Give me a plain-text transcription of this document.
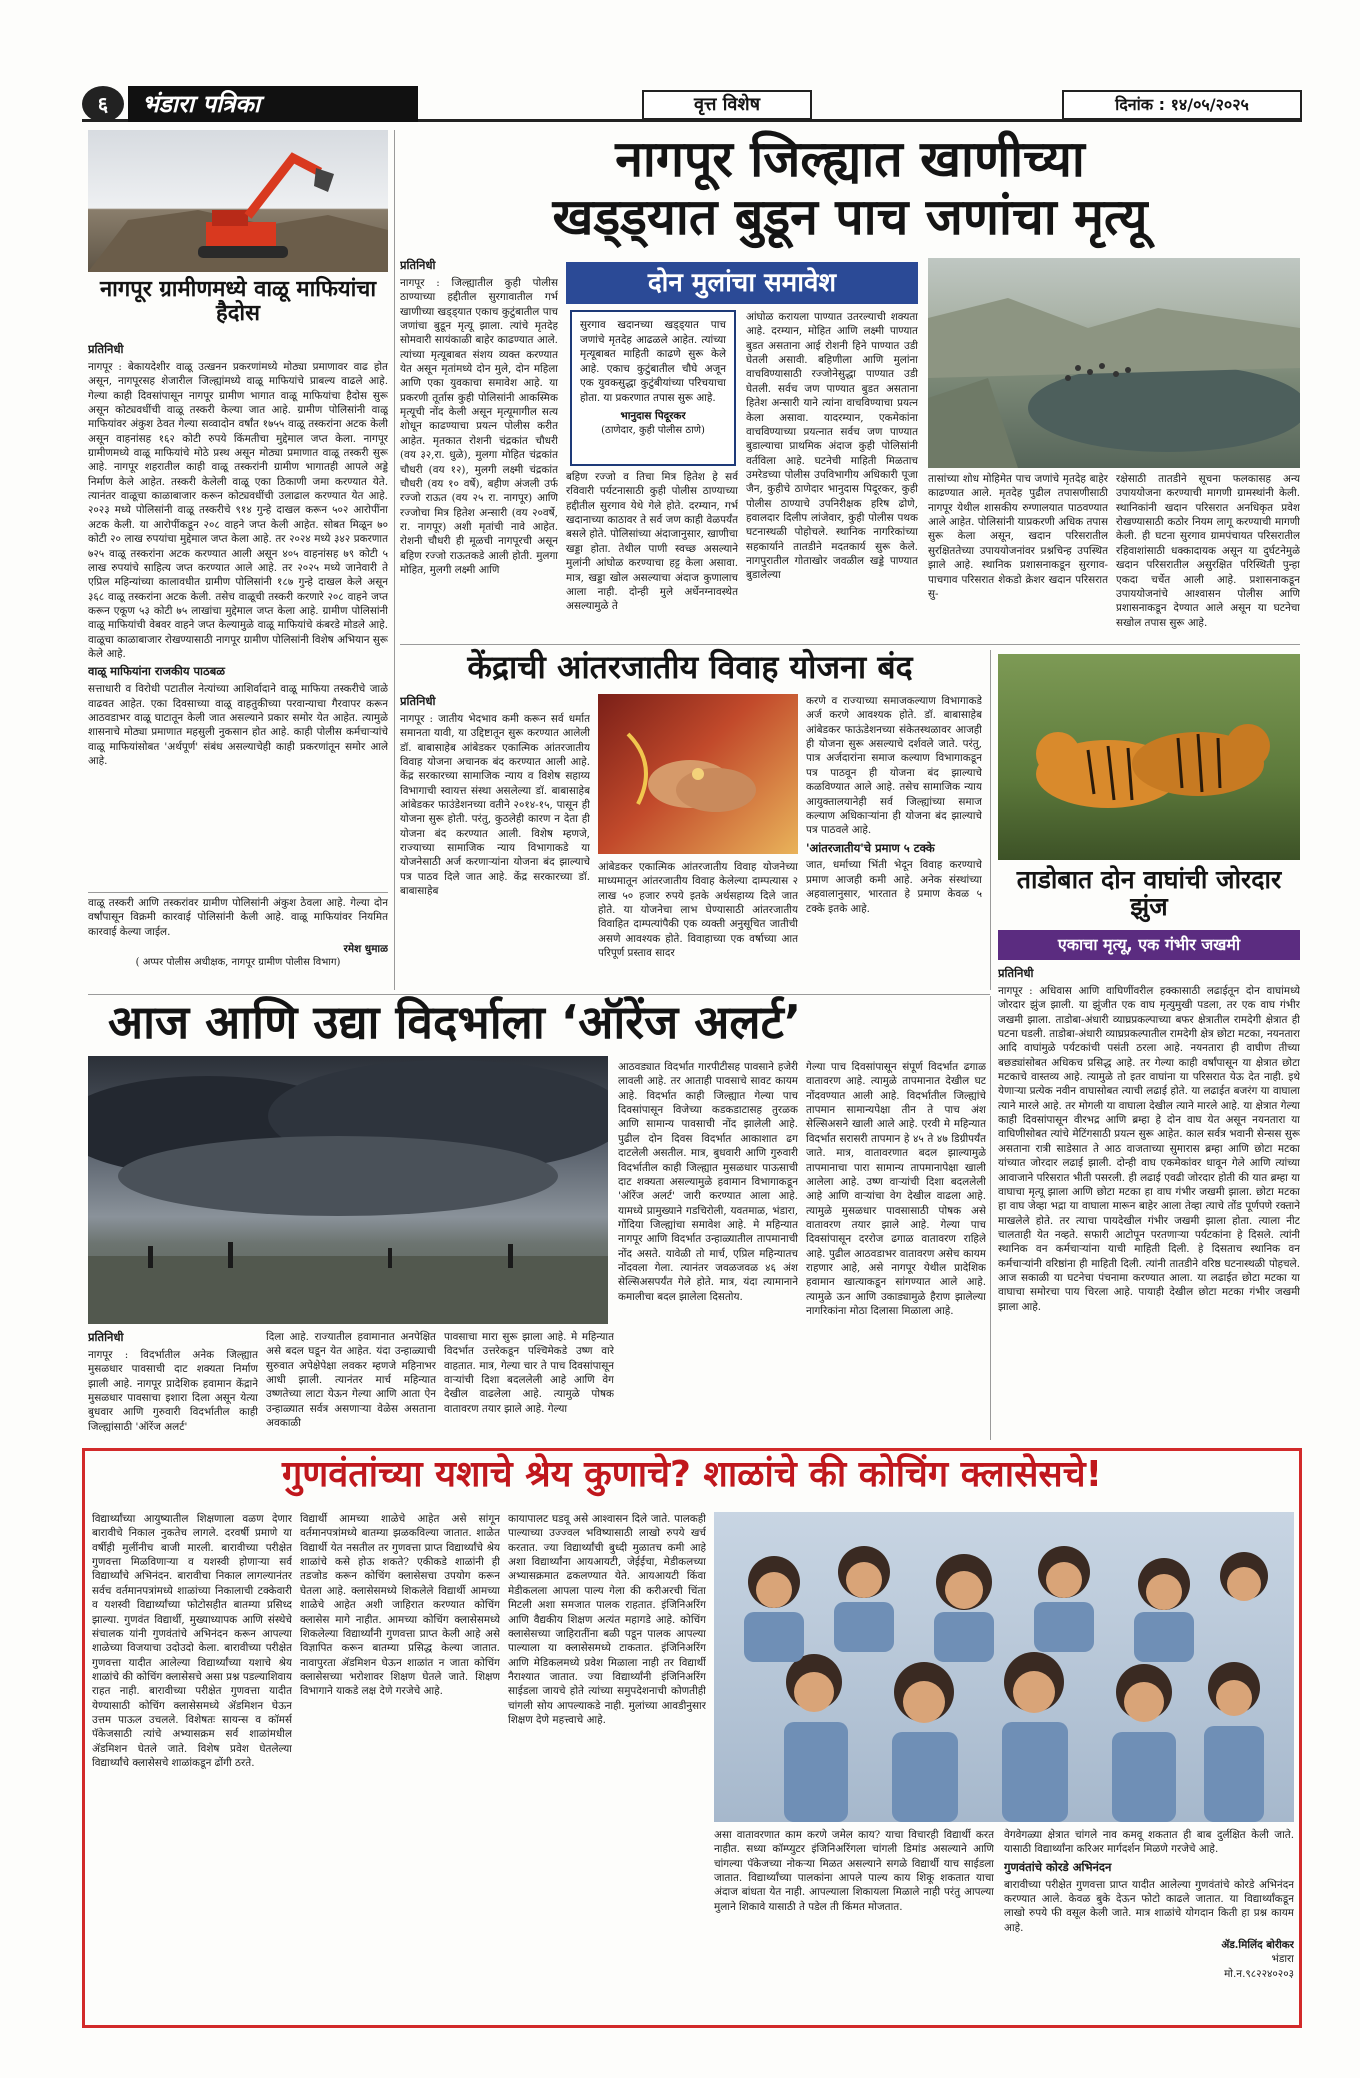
६	भंडारा पत्रिका	वृत्त विशेष	दिनांक : १४/०५/२०२५
नागपूर ग्रामीणमध्ये वाळू माफियांचा हैदोस
प्रतिनिधी

नागपूर : बेकायदेशीर वाळू उत्खनन प्रकरणांमध्ये मोठ्या प्रमाणावर वाढ होत असून, नागपूरसह शेजारील जिल्ह्यांमध्ये वाळू माफियांचे प्राबल्य वाढले आहे. गेल्या काही दिवसांपासून नागपूर ग्रामीण भागात वाळू माफियांचा हैदोस सुरू असून कोट्यवधींची वाळू तस्करी केल्या जात आहे. ग्रामीण पोलिसांनी वाळू माफियांवर अंकुश ठेवत गेल्या सव्वादोन वर्षांत १७५५ वाळू तस्करांना अटक केली असून वाहनांसह १६२ कोटी रुपये किंमतीचा मुद्देमाल जप्त केला. नागपूर ग्रामीणमध्ये वाळू माफियांचे मोठे प्रस्थ असून मोठ्या प्रमाणात वाळू तस्करी सुरू आहे. नागपूर शहरातील काही वाळू तस्करांनी ग्रामीण भागातही आपले अड्डे निर्माण केले आहेत. तस्करी केलेली वाळू एका ठिकाणी जमा करण्यात येते. त्यानंतर वाळूचा काळाबाजार करून कोट्यवधींची उलाढाल करण्यात येत आहे. २०२३ मध्ये पोलिसांनी वाळू तस्करीचे ९१४ गुन्हे दाखल करून ५०२ आरोपींना अटक केली. या आरोपींकडून २०८ वाहने जप्त केली आहेत. सोबत मिळून ७० कोटी २० लाख रुपयांचा मुद्देमाल जप्त केला आहे. तर २०२४ मध्ये ३४२ प्रकरणात ७२५ वाळू तस्करांना अटक करण्यात आली असून ४०५ वाहनांसह ७९ कोटी ५ लाख रुपयांचे साहित्य जप्त करण्यात आले आहे. तर २०२५ मध्ये जानेवारी ते एप्रिल महिन्यांच्या कालावधीत ग्रामीण पोलिसांनी १८७ गुन्हे दाखल केले असून ३६८ वाळू तस्करांना अटक केली. तसेच वाळूची तस्करी करणारे २०८ वाहने जप्त करून एकूण ५३ कोटी ७५ लाखांचा मुद्देमाल जप्त केला आहे. ग्रामीण पोलिसांनी वाळू माफियांची वेबवर वाहने जप्त केल्यामुळे वाळू माफियांचे कंबरडे मोडले आहे. वाळूचा काळाबाजार रोखण्यासाठी नागपूर ग्रामीण पोलिसांनी विशेष अभियान सुरू केले आहे.

वाळू माफियांना राजकीय पाठबळ

सत्ताधारी व विरोधी पटातील नेत्यांच्या आशिर्वादाने वाळू माफिया तस्करीचे जाळे वाढवत आहेत. एका दिवसाच्या वाळू वाहतुकीच्या परवान्याचा गैरवापर करून आठवडाभर वाळू घाटातून केली जात असल्याने प्रकार समोर येत आहेत. त्यामुळे शासनाचे मोठ्या प्रमाणात महसुली नुकसान होत आहे. काही पोलीस कर्मचाऱ्यांचे वाळू माफियांसोबत 'अर्थपूर्ण' संबंध असल्याचेही काही प्रकरणांतून समोर आले आहे.

वाळू तस्करी आणि तस्करांवर ग्रामीण पोलिसांनी अंकुश ठेवला आहे. गेल्या दोन वर्षांपासून विक्रमी कारवाई पोलिसांनी केली आहे. वाळू माफियांवर नियमित कारवाई केल्या जाईल.

रमेश धुमाळ
( अप्पर पोलीस अधीक्षक, नागपूर ग्रामीण पोलीस विभाग)
नागपूर जिल्ह्यात खाणीच्या
खड्ड्यात बुडून पाच जणांचा मृत्यू
प्रतिनिधी

नागपूर : जिल्ह्यातील कुही पोलीस ठाण्याच्या हद्दीतील सुरगावातील गर्भ खाणीच्या खड्ड्यात एकाच कुटुंबातील पाच जणांचा बुडून मृत्यू झाला. त्यांचे मृतदेह सोमवारी सायंकाळी बाहेर काढण्यात आले. त्यांच्या मृत्यूबाबत संशय व्यक्त करण्यात येत असून मृतांमध्ये दोन मुले, दोन महिला आणि एका युवकाचा समावेश आहे. या प्रकरणी तूर्तास कुही पोलिसांनी आकस्मिक मृत्यूची नोंद केली असून मृत्यूमागील सत्य शोधून काढण्याचा प्रयत्न पोलीस करीत आहेत. मृतकात रोशनी चंद्रकांत चौधरी (वय ३२,रा. धुळे), मुलगा मोहित चंद्रकांत चौधरी (वय १२), मुलगी लक्ष्मी चंद्रकांत चौधरी (वय १० वर्षे), बहीण अंजली उर्फ रज्जो राऊत (वय २५ रा. नागपूर) आणि रज्जोचा मित्र हितेश अन्सारी (वय २०वर्षे, रा. नागपूर) अशी मृतांची नावे आहेत. रोशनी चौधरी ही मूळची नागपूरची असून बहिण रज्जो राऊतकडे आली होती. मुलगा मोहित, मुलगी लक्ष्मी आणि

दोन मुलांचा समावेश
सुरगाव खदानच्या खड्ड्यात पाच जणांचे मृतदेह आढळले आहेत. त्यांच्या मृत्यूबाबत माहिती काढणे सुरू केले आहे. एकाच कुटुंबातील चौघे अजून एक युवकसुद्धा कुटुंबीयांच्या परिचयाचा होता. या प्रकरणात तपास सुरू आहे.
भानुदास पिदूरकर
(ठाणेदार, कुही पोलीस ठाणे)

बहिण रज्जो व तिचा मित्र हितेश हे सर्व रविवारी पर्यटनासाठी कुही पोलीस ठाण्याच्या हद्दीतील सुरगाव येथे गेले होते. दरम्यान, गर्भ खदानाच्या काठावर ते सर्व जण काही वेळपर्यंत बसले होते. पोलिसांच्या अंदाजानुसार, खाणीचा खड्डा होता. तेथील पाणी स्वच्छ असल्याने मुलांनी आंघोळ करण्याचा हट्ट केला असावा. मात्र, खड्डा खोल असल्याचा अंदाज कुणालाच आला नाही. दोन्ही मुले अर्धेनग्नावस्थेत असल्यामुळे ते

आंघोळ करायला पाण्यात उतरल्याची शक्यता आहे. दरम्यान, मोहित आणि लक्ष्मी पाण्यात बुडत असताना आई रोशनी हिने पाण्यात उडी घेतली असावी. बहिणीला आणि मुलांना वाचविण्यासाठी रज्जोनेसुद्धा पाण्यात उडी घेतली. सर्वच जण पाण्यात बुडत असताना हितेश अन्सारी याने त्यांना वाचविण्याचा प्रयत्न केला असावा. यादरम्यान, एकमेकांना वाचविण्याच्या प्रयत्नात सर्वच जण पाण्यात बुडाल्याचा प्राथमिक अंदाज कुही पोलिसांनी वर्तविला आहे. घटनेची माहिती मिळताच उमरेडच्या पोलीस उपविभागीय अधिकारी पूजा जैन, कुहीचे ठाणेदार भानुदास पिदूरकर, कुही पोलीस ठाण्याचे उपनिरीक्षक हरिष ढोणे, हवालदार दिलीप लांजेवार, कुही पोलीस पथक घटनास्थळी पोहोचले. स्थानिक नागरिकांच्या सहकार्याने तातडीने मदतकार्य सुरू केले. नागपुरातील गोताखोर जवळील खड्डे पाण्यात बुडालेल्या

तासांच्या शोध मोहिमेत पाच जणांचे मृतदेह बाहेर काढण्यात आले. मृतदेह पुढील तपासणीसाठी नागपूर येथील शासकीय रुग्णालयात पाठवण्यात आले आहेत. पोलिसांनी याप्रकरणी अधिक तपास सुरू केला असून, खदान परिसरातील सुरक्षिततेच्या उपाययोजनांवर प्रश्नचिन्ह उपस्थित झाले आहे. स्थानिक प्रशासनाकडून सुरगाव-पाचगाव परिसरात शेकडो क्रेशर खदान परिसरात सु-

रक्षेसाठी तातडीने सूचना फलकासह अन्य उपाययोजना करण्याची मागणी ग्रामस्थांनी केली. स्थानिकांनी खदान परिसरात अनधिकृत प्रवेश रोखण्यासाठी कठोर नियम लागू करण्याची मागणी केली. ही घटना सुरगाव ग्रामपंचायत परिसरातील रहिवाशांसाठी धक्कादायक असून या दुर्घटनेमुळे खदान परिसरातील असुरक्षित परिस्थिती पुन्हा एकदा चर्चेत आली आहे. प्रशासनाकडून उपाययोजनांचे आश्वासन पोलीस आणि प्रशासनाकडून देण्यात आले असून या घटनेचा सखोल तपास सुरू आहे.

केंद्राची आंतरजातीय विवाह योजना बंद
प्रतिनिधी

नागपूर : जातीय भेदभाव कमी करून सर्व धर्मात समानता यावी, या उद्दिष्टातून सुरू करण्यात आलेली डॉ. बाबासाहेब आंबेडकर एकात्मिक आंतरजातीय विवाह योजना अचानक बंद करण्यात आली आहे. केंद्र सरकारच्या सामाजिक न्याय व विशेष सहाय्य विभागाची स्वायत्त संस्था असलेल्या डॉ. बाबासाहेब आंबेडकर फाउंडेशनच्या वतीने २०१४-१५, पासून ही योजना सुरू होती. परंतु, कुठलेही कारण न देता ही योजना बंद करण्यात आली. विशेष म्हणजे, राज्याच्या सामाजिक न्याय विभागाकडे या योजनेसाठी अर्ज करणाऱ्यांना योजना बंद झाल्याचे पत्र पाठव दिले जात आहे. केंद्र सरकारच्या डॉ. बाबासाहेब

आंबेडकर एकात्मिक आंतरजातीय विवाह योजनेच्या माध्यमातून आंतरजातीय विवाह केलेल्या दाम्पत्यास २ लाख ५० हजार रुपये इतके अर्थसहाय्य दिले जात होते. या योजनेचा लाभ घेण्यासाठी आंतरजातीय विवाहित दाम्पत्यांपैकी एक व्यक्ती अनुसूचित जातीची असणे आवश्यक होते. विवाहाच्या एक वर्षाच्या आत परिपूर्ण प्रस्ताव सादर

करणे व राज्याच्या समाजकल्याण विभागाकडे अर्ज करणे आवश्यक होते. डॉ. बाबासाहेब आंबेडकर फाऊंडेशनच्या संकेतस्थळावर आजही ही योजना सुरू असल्याचे दर्शवले जाते. परंतु, पात्र अर्जदारांना समाज कल्याण विभागाकडून पत्र पाठवून ही योजना बंद झाल्याचे कळविण्यात आले आहे. तसेच सामाजिक न्याय आयुक्तालयानेही सर्व जिल्ह्यांच्या समाज कल्याण अधिकाऱ्यांना ही योजना बंद झाल्याचे पत्र पाठवले आहे.

'आंतरजातीय'चे प्रमाण ५ टक्के

जात, धर्माच्या भिंती भेदून विवाह करण्याचे प्रमाण आजही कमी आहे. अनेक संस्थांच्या अहवालानुसार, भारतात हे प्रमाण केवळ ५ टक्के इतके आहे.

ताडोबात दोन वाघांची जोरदार झुंज
एकाचा मृत्यू, एक गंभीर जखमी
प्रतिनिधी

नागपूर : अधिवास आणि वाघिणींवरील हक्कासाठी लढाईतून दोन वाघांमध्ये जोरदार झुंज झाली. या झुंजीत एक वाघ मृत्युमुखी पडला, तर एक वाघ गंभीर जखमी झाला. ताडोबा-अंधारी व्याघ्रप्रकल्पाच्या बफर क्षेत्रातील रामदेगी क्षेत्रात ही घटना घडली. ताडोबा-अंधारी व्याघ्रप्रकल्पातील रामदेगी क्षेत्र छोटा मटका, नयनतारा आदि वाघांमुळे पर्यटकांची पसंती ठरला आहे. नयनतारा ही वाघीण तीच्या बछड्यांसोबत अधिकच प्रसिद्ध आहे. तर गेल्या काही वर्षांपासून या क्षेत्रात छोटा मटकाचे वास्तव्य आहे. त्यामुळे तो इतर वाघांना या परिसरात येऊ देत नाही. इथे येणाऱ्या प्रत्येक नवीन वाघासोबत त्याची लढाई होते. या लढाईत बजरंग या वाघाला त्याने मारले आहे. तर मोगली या वाघाला देखील त्याने मारले आहे. या क्षेत्रात गेल्या काही दिवसांपासून वीरभद्र आणि ब्रम्हा हे दोन वाघ येत असून नयनतारा या वाघिणीसोबत त्यांचे मेटिंगसाठी प्रयत्न सुरू आहेत. काल सर्वत्र भवानी सेन्सस सुरू असताना रात्री साडेसात ते आठ वाजताच्या सुमारास ब्रम्हा आणि छोटा मटका यांच्यात जोरदार लढाई झाली. दोन्ही वाघ एकमेकांवर धावून गेले आणि त्यांच्या आवाजाने परिसरात भीती पसरली. ही लढाई एवढी जोरदार होती की यात ब्रम्हा या वाघाचा मृत्यू झाला आणि छोटा मटका हा वाघ गंभीर जखमी झाला. छोटा मटका हा वाघ जेव्हा भद्रा या वाघाला मारून बाहेर आला तेव्हा त्याचे तोंड पूर्णपणे रक्ताने माखलेले होते. तर त्याचा पायदेखील गंभीर जखमी झाला होता. त्याला नीट चालताही येत नव्हते. सफारी आटोपून परतणाऱ्या पर्यटकांना हे दिसले. त्यांनी स्थानिक वन कर्मचाऱ्यांना याची माहिती दिली. हे दिसताच स्थानिक वन कर्मचाऱ्यांनी वरिष्ठांना ही माहिती दिली. त्यांनी तातडीने वरिष्ठ घटनास्थळी पोहचले. आज सकाळी या घटनेचा पंचनामा करण्यात आला. या लढाईत छोटा मटका या वाघाचा समोरचा पाय चिरला आहे. पायाही देखील छोटा मटका गंभीर जखमी झाला आहे.

आज आणि उद्या विदर्भाला ‘ऑरेंज अलर्ट’
प्रतिनिधी

नागपूर : विदर्भातील अनेक जिल्ह्यात मुसळधार पावसाची दाट शक्यता निर्माण झाली आहे. नागपूर प्रादेशिक हवामान केंद्राने मुसळधार पावसाचा इशारा दिला असून येत्या बुधवार आणि गुरुवारी विदर्भातील काही जिल्ह्यांसाठी 'ऑरेंज अलर्ट'

दिला आहे. राज्यातील हवामानात अनपेक्षित असे बदल घडून येत आहेत. यंदा उन्हाळ्याची सुरुवात अपेक्षेपेक्षा लवकर म्हणजे महिनाभर आधी झाली. त्यानंतर मार्च महिन्यात उष्णतेच्या लाटा येऊन गेल्या आणि आता ऐन उन्हाळ्यात सर्वत्र असणाऱ्या वेळेस असताना अवकाळी

पावसाचा मारा सुरू झाला आहे. मे महिन्यात विदर्भात उत्तरेकडून पश्चिमेकडे उष्ण वारे वाहतात. मात्र, गेल्या चार ते पाच दिवसांपासून वाऱ्यांची दिशा बदललेली आहे आणि वेग देखील वाढलेला आहे. त्यामुळे पोषक वातावरण तयार झाले आहे. गेल्या

आठवड्यात विदर्भात गारपीटीसह पावसाने हजेरी लावली आहे. तर आताही पावसाचे सावट कायम आहे. विदर्भात काही जिल्ह्यात गेल्या पाच दिवसांपासून विजेच्या कडकडाटासह तुरळक आणि सामान्य पावसाची नोंद झालेली आहे. पुढील दोन दिवस विदर्भात आकाशात ढग दाटलेली असतील. मात्र, बुधवारी आणि गुरुवारी विदर्भातील काही जिल्ह्यात मुसळधार पाऊसाची दाट शक्यता असल्यामुळे हवामान विभागाकडून 'ऑरेंज अलर्ट' जारी करण्यात आला आहे. यामध्ये प्रामुख्याने गडचिरोली, यवतमाळ, भंडारा, गोंदिया जिल्ह्यांचा समावेश आहे. मे महिन्यात नागपूर आणि विदर्भात उन्हाळ्यातील तापमानाची नोंद असते. यावेळी तो मार्च, एप्रिल महिन्यातच नोंदवला गेला. त्यानंतर जवळजवळ ४६ अंश सेल्सिअसपर्यंत गेले होते. मात्र, यंदा त्यामानाने कमालीचा बदल झालेला दिसतोय.

गेल्या पाच दिवसांपासून संपूर्ण विदर्भात ढगाळ वातावरण आहे. त्यामुळे तापमानात देखील घट नोंदवण्यात आली आहे. विदर्भातील जिल्ह्यांचे तापमान सामान्यपेक्षा तीन ते पाच अंश सेल्सिअसने खाली आले आहे. एरवी मे महिन्यात विदर्भात सरासरी तापमान हे ४५ ते ४७ डिग्रीपर्यंत जाते. मात्र, वातावरणात बदल झाल्यामुळे तापमानाचा पारा सामान्य तापमानापेक्षा खाली आलेला आहे. उष्ण वाऱ्यांची दिशा बदललेली आहे आणि वाऱ्यांचा वेग देखील वाढला आहे. त्यामुळे मुसळधार पावसासाठी पोषक असे वातावरण तयार झाले आहे. गेल्या पाच दिवसांपासून दररोज ढगाळ वातावरण राहिले आहे. पुढील आठवडाभर वातावरण असेच कायम राहणार आहे, असे नागपूर येथील प्रादेशिक हवामान खात्याकडून सांगण्यात आले आहे. त्यामुळे ऊन आणि उकाड्यामुळे हैराण झालेल्या नागरिकांना मोठा दिलासा मिळाला आहे.

गुणवंतांच्या यशाचे श्रेय कुणाचे? शाळांचे की कोचिंग क्लासेसचे!

विद्यार्थ्यांच्या आयुष्यातील शिक्षणाला वळण देणार बारावीचे निकाल नुकतेच लागले. दरवर्षी प्रमाणे या वर्षीही मुलींनीच बाजी मारली. बारावीच्या परीक्षेत गुणवत्ता मिळविणाऱ्या व यशस्वी होणाऱ्या सर्व विद्यार्थ्यांचे अभिनंदन. बारावीचा निकाल लागल्यानंतर सर्वच वर्तमानपत्रांमध्ये शाळांच्या निकालाची टक्केवारी व यशस्वी विद्यार्थ्यांच्या फोटोसहीत बातम्या प्रसिध्द झाल्या. गुणवंत विद्यार्थी, मुख्याध्यापक आणि संस्थेचे संचालक यांनी गुणवंतांचे अभिनंदन करून आपल्या शाळेच्या विजयाचा उदोउदो केला. बारावीच्या परीक्षेत गुणवत्ता यादीत आलेल्या विद्यार्थ्यांच्या यशाचे श्रेय शाळांचे की कोचिंग क्लासेसचे असा प्रश्न पडल्याशिवाय राहत नाही. बारावीच्या परीक्षेत गुणवत्ता यादीत येण्यासाठी कोचिंग क्लासेसमध्ये ॲडमिशन घेऊन उत्तम पाऊल उचलले. विशेषतः सायन्स व कॉमर्स पॅकेजसाठी त्यांचे अभ्यासक्रम सर्व शाळांमधील ॲडमिशन घेतले जाते. विशेष प्रवेश घेतलेल्या विद्यार्थ्यांचे क्लासेसचे शाळांकडून ढोंगी ठरते.

विद्यार्थी आमच्या शाळेचे आहेत असे सांगून वर्तमानपत्रांमध्ये बातम्या झळकविल्या जातात. शाळेत विद्यार्थी येत नसतील तर गुणवत्ता प्राप्त विद्यार्थ्यांचे श्रेय शाळांचे कसे होऊ शकते? एकीकडे शाळांनी ही तडजोड करून कोचिंग क्लासेसचा उपयोग करून घेतला आहे. क्लासेसमध्ये शिकलेले विद्यार्थी आमच्या शाळेचे आहेत अशी जाहिरात करण्यात कोचिंग क्लासेस मागे नाहीत. आमच्या कोचिंग क्लासेसमध्ये शिकलेल्या विद्यार्थ्यांनी गुणवत्ता प्राप्त केली आहे असे विज्ञापित करून बातम्या प्रसिद्ध केल्या जातात. नावापुरता ॲडमिशन घेऊन शाळांत न जाता कोचिंग क्लासेसच्या भरोशावर शिक्षण घेतले जाते. शिक्षण विभागाने याकडे लक्ष देणे गरजेचे आहे.

कायापालट घडवू असे आश्वासन दिले जाते. पालकही पाल्याच्या उज्ज्वल भविष्यासाठी लाखो रुपये खर्च करतात. ज्या विद्यार्थ्यांची बुध्दी मुळातच कमी आहे अशा विद्यार्थ्यांना आयआयटी, जेईईचा, मेडीकलच्या अभ्यासक्रमात ढकलण्यात येते. आयआयटी किंवा मेडीकलला आपला पाल्य गेला की करीअरची चिंता मिटली अशा समजात पालक राहतात. इंजिनिअरिंग आणि वैद्यकीय शिक्षण अत्यंत महागडे आहे. कोचिंग क्लासेसच्या जाहिरातींना बळी पडून पालक आपल्या पाल्याला या क्लासेसमध्ये टाकतात. इंजिनिअरिंग आणि मेडिकलमध्ये प्रवेश मिळाला नाही तर विद्यार्थी नैराश्यात जातात. ज्या विद्यार्थ्यांनी इंजिनिअरिंग साईडला जायचे होते त्यांच्या समुपदेशनाची कोणतीही चांगली सोय आपल्याकडे नाही. मुलांच्या आवडीनुसार शिक्षण देणे महत्त्वाचे आहे.

असा वातावरणात काम करणे जमेल काय? याचा विचारही विद्यार्थी करत नाहीत. सध्या कॉम्प्युटर इंजिनिअरिंगला चांगली डिमांड असल्याने आणि चांगल्या पॅकेजच्या नोकऱ्या मिळत असल्याने सगळे विद्यार्थी याच साईडला जातात. विद्यार्थ्यांच्या पालकांना आपले पाल्य काय शिकू शकतात याचा अंदाज बांधता येत नाही. आपल्याला शिकायला मिळाले नाही परंतु आपल्या मुलाने शिकावे यासाठी ते पडेल ती किंमत मोजतात.

वेगवेगळ्या क्षेत्रात चांगले नाव कमवू शकतात ही बाब दुर्लक्षित केली जाते. यासाठी विद्यार्थ्यांना करिअर मार्गदर्शन मिळणे गरजेचे आहे.

गुणवंतांचे कोरडे अभिनंदन

बारावीच्या परीक्षेत गुणवत्ता प्राप्त यादीत आलेल्या गुणवंतांचे कोरडे अभिनंदन करण्यात आले. केवळ बुके देऊन फोटो काढले जातात. या विद्यार्थ्यांकडून लाखो रुपये फी वसूल केली जाते. मात्र शाळांचे योगदान किती हा प्रश्न कायम आहे.

ॲड.मिलिंद बोरीकर
भंडारा
मो.न.९८२२४०२०३
